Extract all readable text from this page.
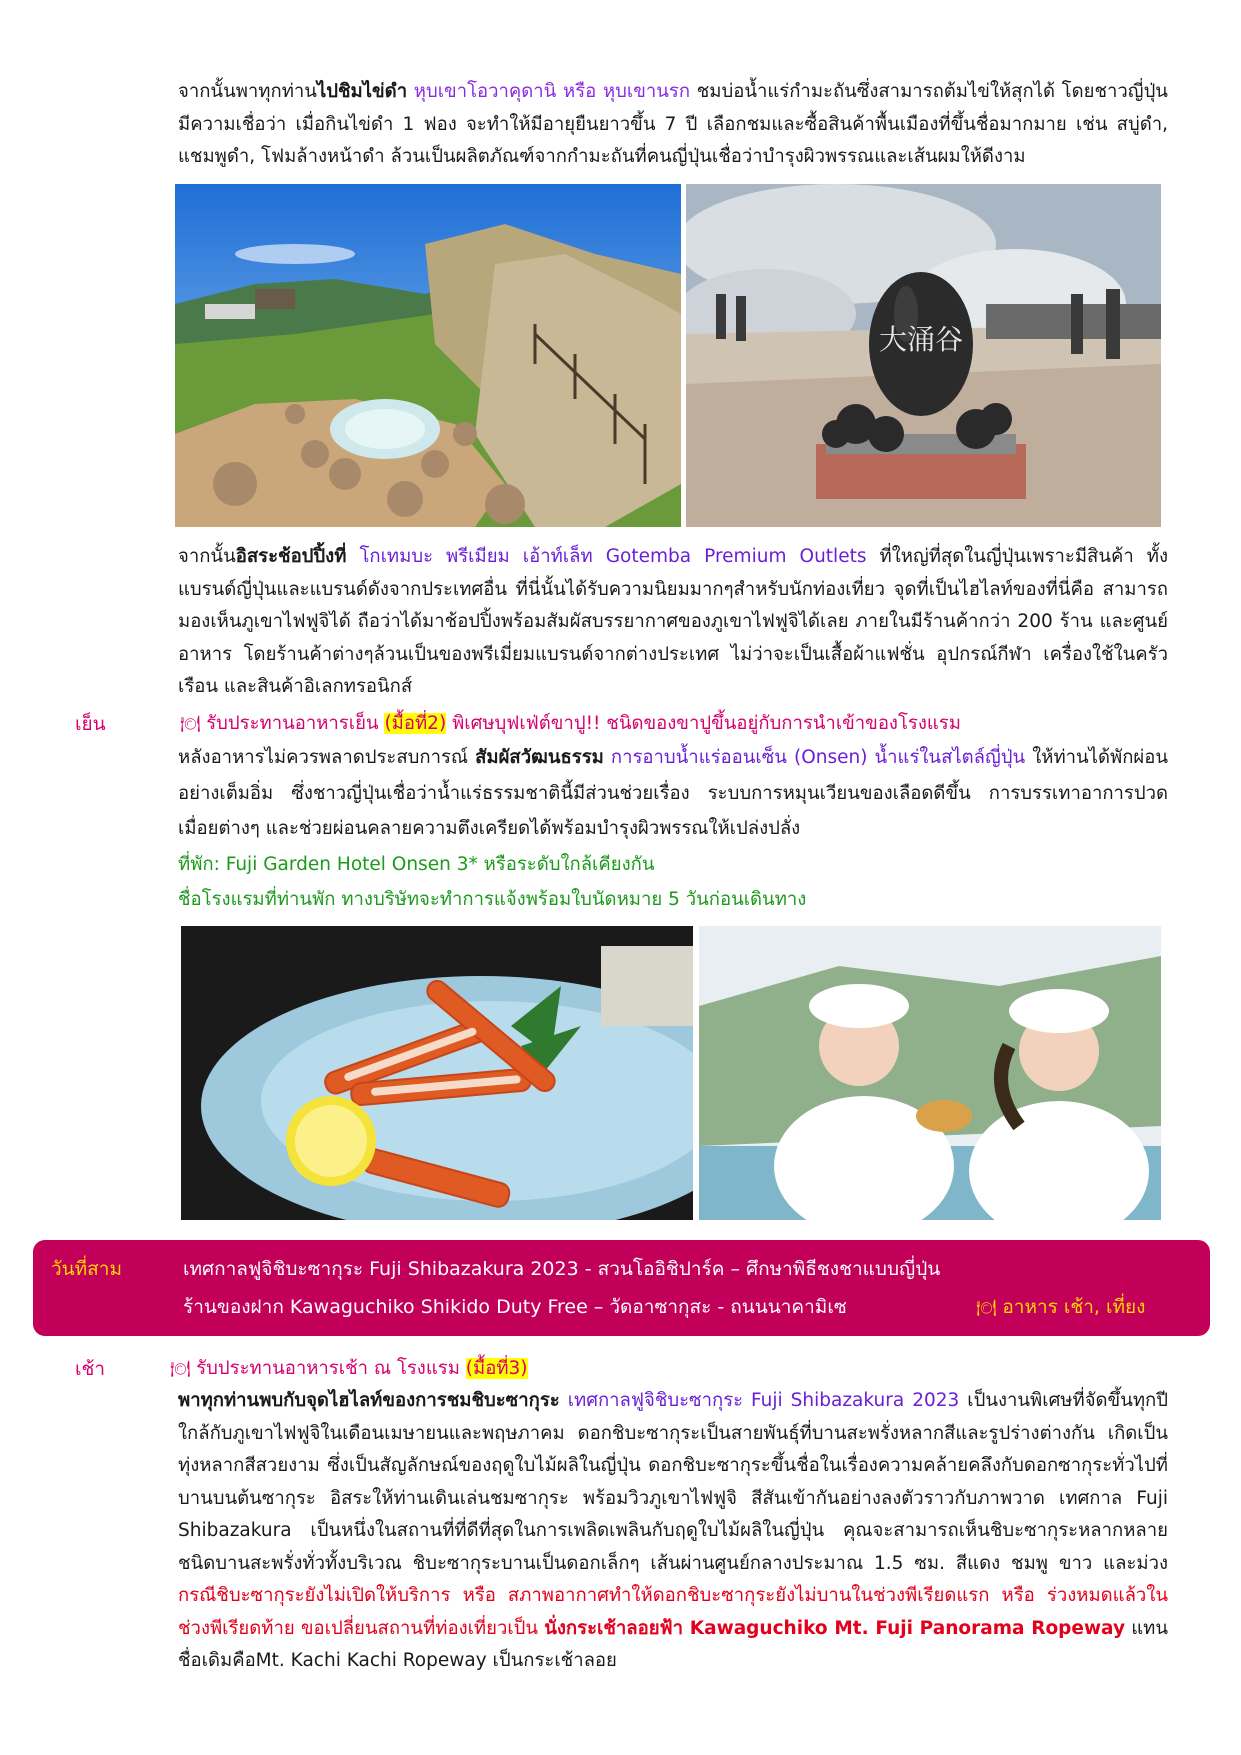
จากนั้นพาทุกท่านไปชิมไข่ดำ หุบเขาโอวาคุดานิ หรือ หุบเขานรก ชมบ่อน้ำแร่กำมะถันซึ่งสามารถต้มไข่ให้สุกได้ โดยชาวญี่ปุ่นมีความเชื่อว่า เมื่อกินไข่ดำ 1 ฟอง จะทำให้มีอายุยืนยาวขึ้น 7 ปี เลือกชมและซื้อสินค้าพื้นเมืองที่ขึ้นชื่อมากมาย เช่น สบู่ดำ, แชมพูดำ, โฟมล้างหน้าดำ ล้วนเป็นผลิตภัณฑ์จากกำมะถันที่คนญี่ปุ่นเชื่อว่าบำรุงผิวพรรณและเส้นผมให้ดีงาม

大涌谷

จากนั้นอิสระช้อปปิ้งที่ โกเทมบะ พรีเมียม เอ้าท์เล็ท Gotemba Premium Outlets ที่ใหญ่ที่สุดในญี่ปุ่นเพราะมีสินค้า ทั้งแบรนด์ญี่ปุ่นและแบรนด์ดังจากประเทศอื่น ที่นี่นั้นได้รับความนิยมมากๆสำหรับนักท่องเที่ยว จุดที่เป็นไฮไลท์ของที่นี่คือ สามารถมองเห็นภูเขาไฟฟูจิได้ ถือว่าได้มาช้อปปิ้งพร้อมสัมผัสบรรยากาศของภูเขาไฟฟูจิได้เลย ภายในมีร้านค้ากว่า 200 ร้าน และศูนย์อาหาร โดยร้านค้าต่างๆล้วนเป็นของพรีเมี่ยมแบรนด์จากต่างประเทศ ไม่ว่าจะเป็นเสื้อผ้าแฟชั่น อุปกรณ์กีฬา เครื่องใช้ในครัวเรือน และสินค้าอิเลกทรอนิกส์

เย็น	🍽 รับประทานอาหารเย็น (มื้อที่2) พิเศษบุฟเฟ่ต์ขาปู!! ชนิดของขาปูขึ้นอยู่กับการนำเข้าของโรงแรม

หลังอาหารไม่ควรพลาดประสบการณ์ สัมผัสวัฒนธรรม การอาบน้ำแร่ออนเซ็น (Onsen) น้ำแร่ในสไตล์ญี่ปุ่น ให้ท่านได้พักผ่อนอย่างเต็มอิ่ม ซึ่งชาวญี่ปุ่นเชื่อว่าน้ำแร่ธรรมชาตินี้มีส่วนช่วยเรื่อง ระบบการหมุนเวียนของเลือดดีขึ้น การบรรเทาอาการปวดเมื่อยต่างๆ และช่วยผ่อนคลายความตึงเครียดได้พร้อมบำรุงผิวพรรณให้เปล่งปลั่ง

ที่พัก: Fuji Garden Hotel Onsen 3* หรือระดับใกล้เคียงกัน
ชื่อโรงแรมที่ท่านพัก ทางบริษัทจะทำการแจ้งพร้อมใบนัดหมาย 5 วันก่อนเดินทาง
วันที่สาม	เทศกาลฟูจิชิบะซากุระ Fuji Shibazakura 2023 - สวนโออิชิปาร์ค – ศึกษาพิธีชงชาแบบญี่ปุ่น
ร้านของฝาก Kawaguchiko Shikido Duty Free – วัดอาซากุสะ - ถนนนาคามิเซ	🍽 อาหาร เช้า, เที่ยง
เช้า	🍽 รับประทานอาหารเช้า ณ โรงแรม (มื้อที่3)

พาทุกท่านพบกับจุดไฮไลท์ของการชมชิบะซากุระ เทศกาลฟูจิชิบะซากุระ Fuji Shibazakura 2023 เป็นงานพิเศษที่จัดขึ้นทุกปีใกล้กับภูเขาไฟฟูจิในเดือนเมษายนและพฤษภาคม ดอกชิบะซากุระเป็นสายพันธุ์ที่บานสะพรั่งหลากสีและรูปร่างต่างกัน เกิดเป็นทุ่งหลากสีสวยงาม ซึ่งเป็นสัญลักษณ์ของฤดูใบไม้ผลิในญี่ปุ่น ดอกชิบะซากุระขึ้นชื่อในเรื่องความคล้ายคลึงกับดอกซากุระทั่วไปที่บานบนต้นซากุระ อิสระให้ท่านเดินเล่นชมซากุระ พร้อมวิวภูเขาไฟฟูจิ สีสันเข้ากันอย่างลงตัวราวกับภาพวาด เทศกาล Fuji Shibazakura เป็นหนึ่งในสถานที่ที่ดีที่สุดในการเพลิดเพลินกับฤดูใบไม้ผลิในญี่ปุ่น คุณจะสามารถเห็นชิบะซากุระหลากหลายชนิดบานสะพรั่งทั่วทั้งบริเวณ ชิบะซากุระบานเป็นดอกเล็กๆ เส้นผ่านศูนย์กลางประมาณ 1.5 ซม. สีแดง ชมพู ขาว และม่วง กรณีชิบะซากุระยังไม่เปิดให้บริการ หรือ สภาพอากาศทำให้ดอกชิบะซากุระยังไม่บานในช่วงพีเรียดแรก หรือ ร่วงหมดแล้วในช่วงพีเรียดท้าย ขอเปลี่ยนสถานที่ท่องเที่ยวเป็น นั่งกระเช้าลอยฟ้า Kawaguchiko Mt. Fuji Panorama Ropeway แทน ชื่อเดิมคือMt. Kachi Kachi Ropeway เป็นกระเช้าลอย
